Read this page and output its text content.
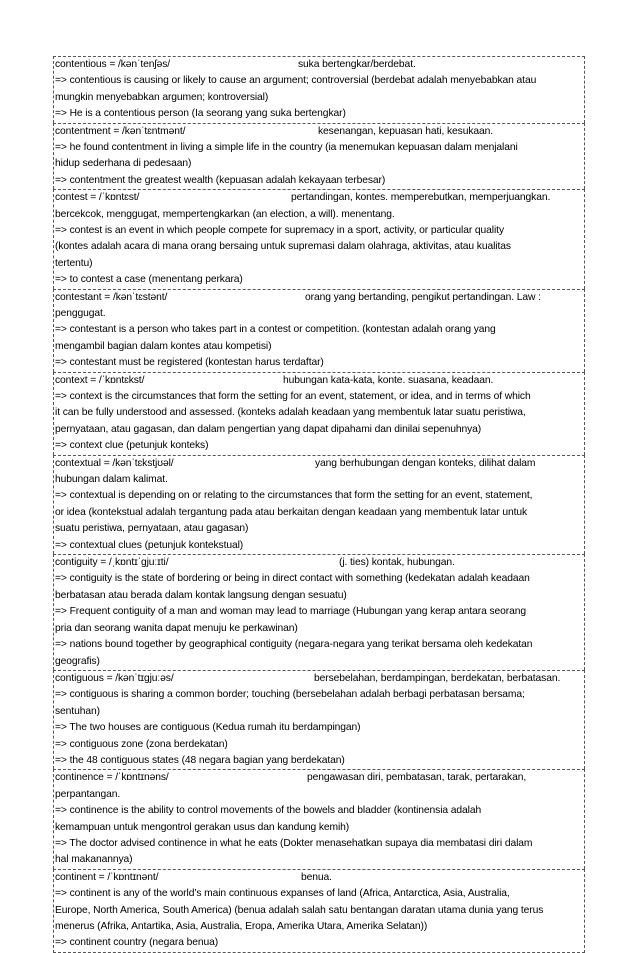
contentious = /kənˈtenʃəs/	suka bertengkar/berdebat.
=> contentious is causing or likely to cause an argument; controversial (berdebat adalah menyebabkan atau
mungkin menyebabkan argumen; kontroversial)
=> He is a contentious person (Ia seorang yang suka bertengkar)
contentment = /kənˈtɛntmənt/	kesenangan, kepuasan hati, kesukaan.
=> he found contentment in living a simple life in the country (ia menemukan kepuasan dalam menjalani
hidup sederhana di pedesaan)
=> contentment the greatest wealth (kepuasan adalah kekayaan terbesar)
contest = /ˈkɒntɛst/	pertandingan, kontes. memperebutkan, memperjuangkan.
bercekcok, menggugat, mempertengkarkan (an election, a will). menentang.
=> contest is an event in which people compete for supremacy in a sport, activity, or particular quality
(kontes adalah acara di mana orang bersaing untuk supremasi dalam olahraga, aktivitas, atau kualitas
tertentu)
=> to contest a case (menentang perkara)
contestant = /kənˈtɛstənt/	orang yang bertanding, pengikut pertandingan. Law :
penggugat.
=> contestant is a person who takes part in a contest or competition. (kontestan adalah orang yang
mengambil bagian dalam kontes atau kompetisi)
=> contestant must be registered (kontestan harus terdaftar)
context = /ˈkɒntɛkst/	hubungan kata-kata, konte. suasana, keadaan.
=> context is the circumstances that form the setting for an event, statement, or idea, and in terms of which
it can be fully understood and assessed. (konteks adalah keadaan yang membentuk latar suatu peristiwa,
pernyataan, atau gagasan, dan dalam pengertian yang dapat dipahami dan dinilai sepenuhnya)
=> context clue (petunjuk konteks)
contextual = /kənˈtɛkstjʊəl/	yang berhubungan dengan konteks, dilihat dalam
hubungan dalam kalimat.
=> contextual is depending on or relating to the circumstances that form the setting for an event, statement,
or idea (kontekstual adalah tergantung pada atau berkaitan dengan keadaan yang membentuk latar untuk
suatu peristiwa, pernyataan, atau gagasan)
=> contextual clues (petunjuk kontekstual)
contiguity = /ˌkɒntɪˈgjuːɪti/	(j. ties) kontak, hubungan.
=> contiguity is the state of bordering or being in direct contact with something (kedekatan adalah keadaan
berbatasan atau berada dalam kontak langsung dengan sesuatu)
=> Frequent contiguity of a man and woman may lead to marriage (Hubungan yang kerap antara seorang
pria dan seorang wanita dapat menuju ke perkawinan)
=> nations bound together by geographical contiguity (negara-negara yang terikat bersama oleh kedekatan
geografis)
contiguous = /kənˈtɪgjuːəs/	bersebelahan, berdampingan, berdekatan, berbatasan.
=> contiguous is sharing a common border; touching (bersebelahan adalah berbagi perbatasan bersama;
sentuhan)
=> The two houses are contiguous (Kedua rumah itu berdampingan)
=> contiguous zone (zona berdekatan)
=> the 48 contiguous states (48 negara bagian yang berdekatan)
continence = /ˈkɒntɪnəns/	pengawasan diri, pembatasan, tarak, pertarakan,
perpantangan.
=> continence is the ability to control movements of the bowels and bladder (kontinensia adalah
kemampuan untuk mengontrol gerakan usus dan kandung kemih)
=> The doctor advised continence in what he eats (Dokter menasehatkan supaya dia membatasi diri dalam
hal makanannya)
continent = /ˈkɒntɪnənt/	benua.
=> continent is any of the world’s main continuous expanses of land (Africa, Antarctica, Asia, Australia,
Europe, North America, South America) (benua adalah salah satu bentangan daratan utama dunia yang terus
menerus (Afrika, Antartika, Asia, Australia, Eropa, Amerika Utara, Amerika Selatan))
=> continent country (negara benua)
